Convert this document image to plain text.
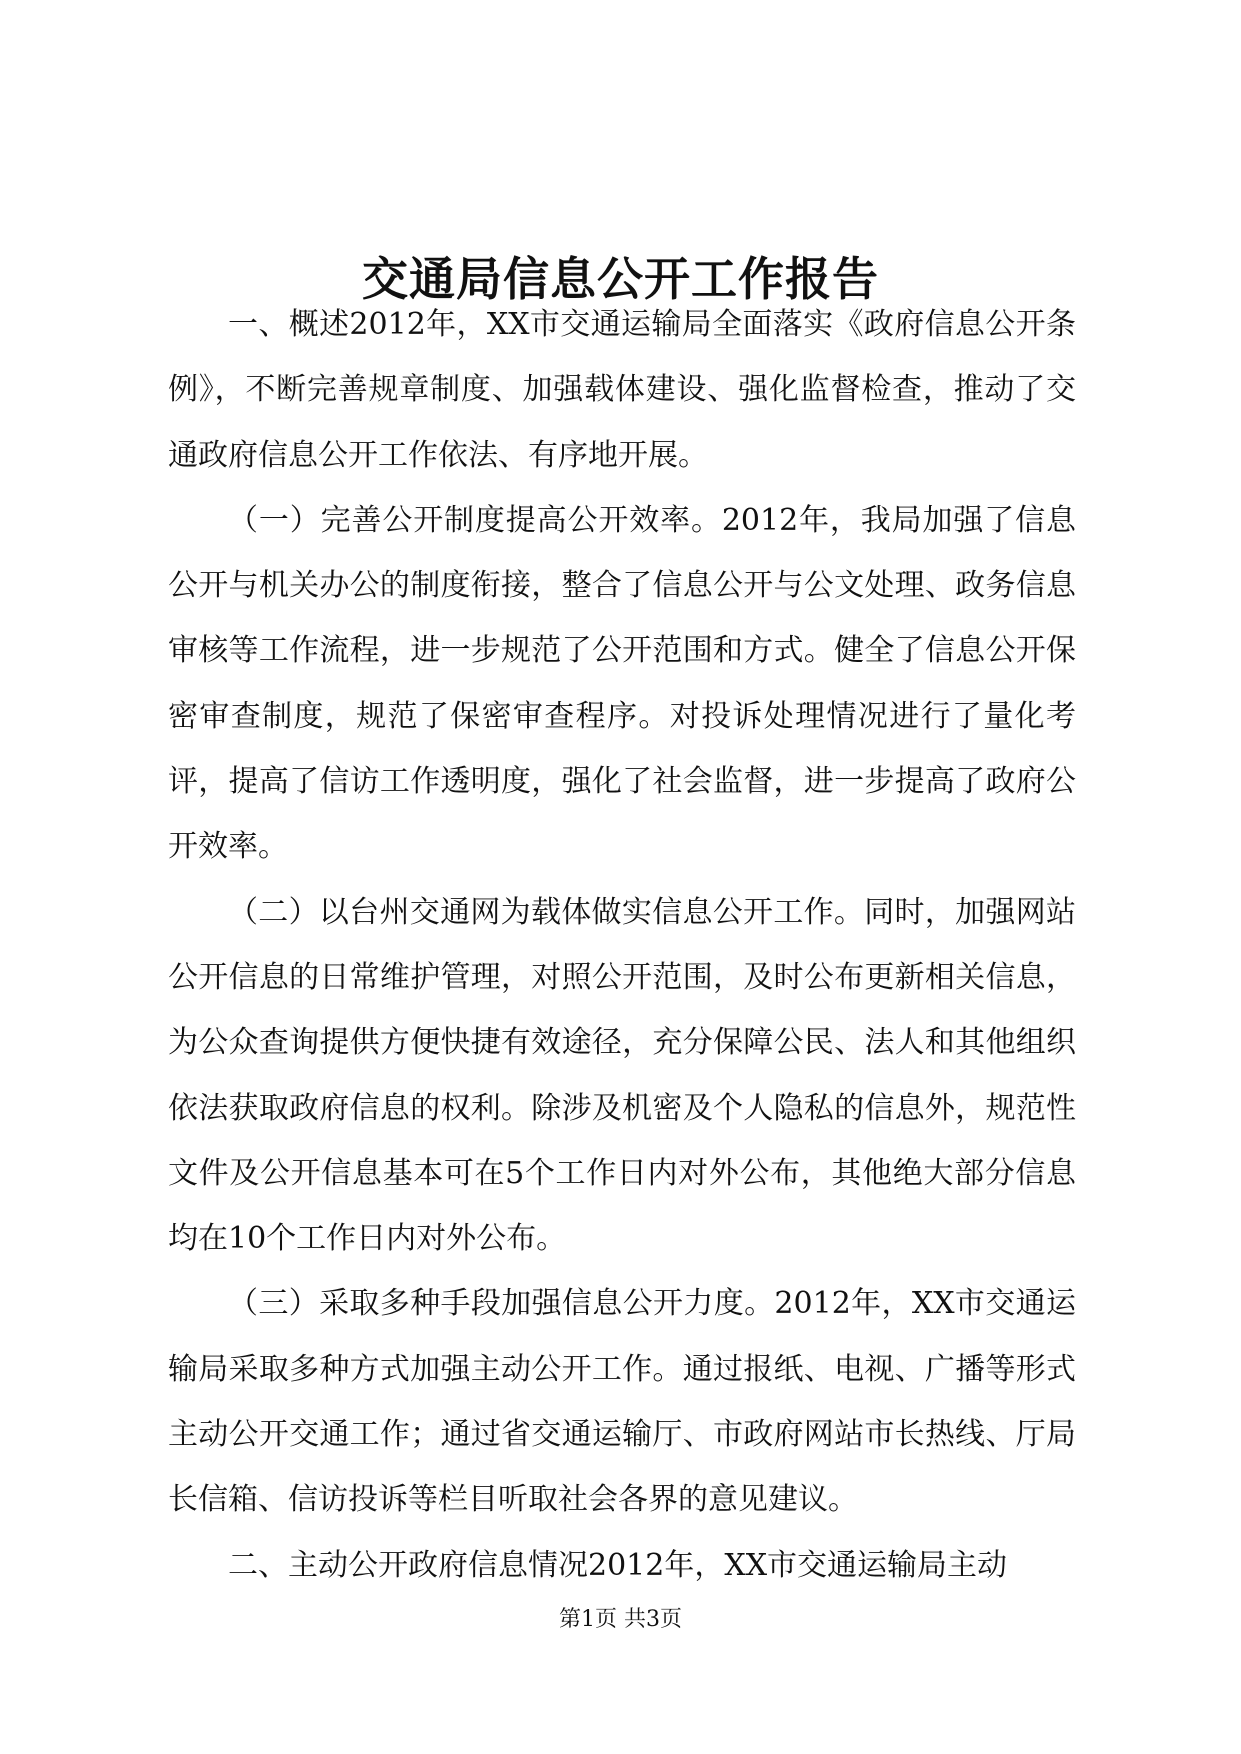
交通局信息公开工作报告

一、概述2012年，XX市交通运输局全面落实《政府信息公开条例》，不断完善规章制度、加强载体建设、强化监督检查，推动了交通政府信息公开工作依法、有序地开展。

（一）完善公开制度提高公开效率。2012年，我局加强了信息公开与机关办公的制度衔接，整合了信息公开与公文处理、政务信息审核等工作流程，进一步规范了公开范围和方式。健全了信息公开保密审查制度，规范了保密审查程序。对投诉处理情况进行了量化考评，提高了信访工作透明度，强化了社会监督，进一步提高了政府公开效率。

（二）以台州交通网为载体做实信息公开工作。同时，加强网站公开信息的日常维护管理，对照公开范围，及时公布更新相关信息，为公众查询提供方便快捷有效途径，充分保障公民、法人和其他组织依法获取政府信息的权利。除涉及机密及个人隐私的信息外，规范性文件及公开信息基本可在5个工作日内对外公布，其他绝大部分信息均在10个工作日内对外公布。

（三）采取多种手段加强信息公开力度。2012年，XX市交通运输局采取多种方式加强主动公开工作。通过报纸、电视、广播等形式主动公开交通工作；通过省交通运输厅、市政府网站市长热线、厅局长信箱、信访投诉等栏目听取社会各界的意见建议。

二、主动公开政府信息情况2012年，XX市交通运输局主动

第1页 共3页
